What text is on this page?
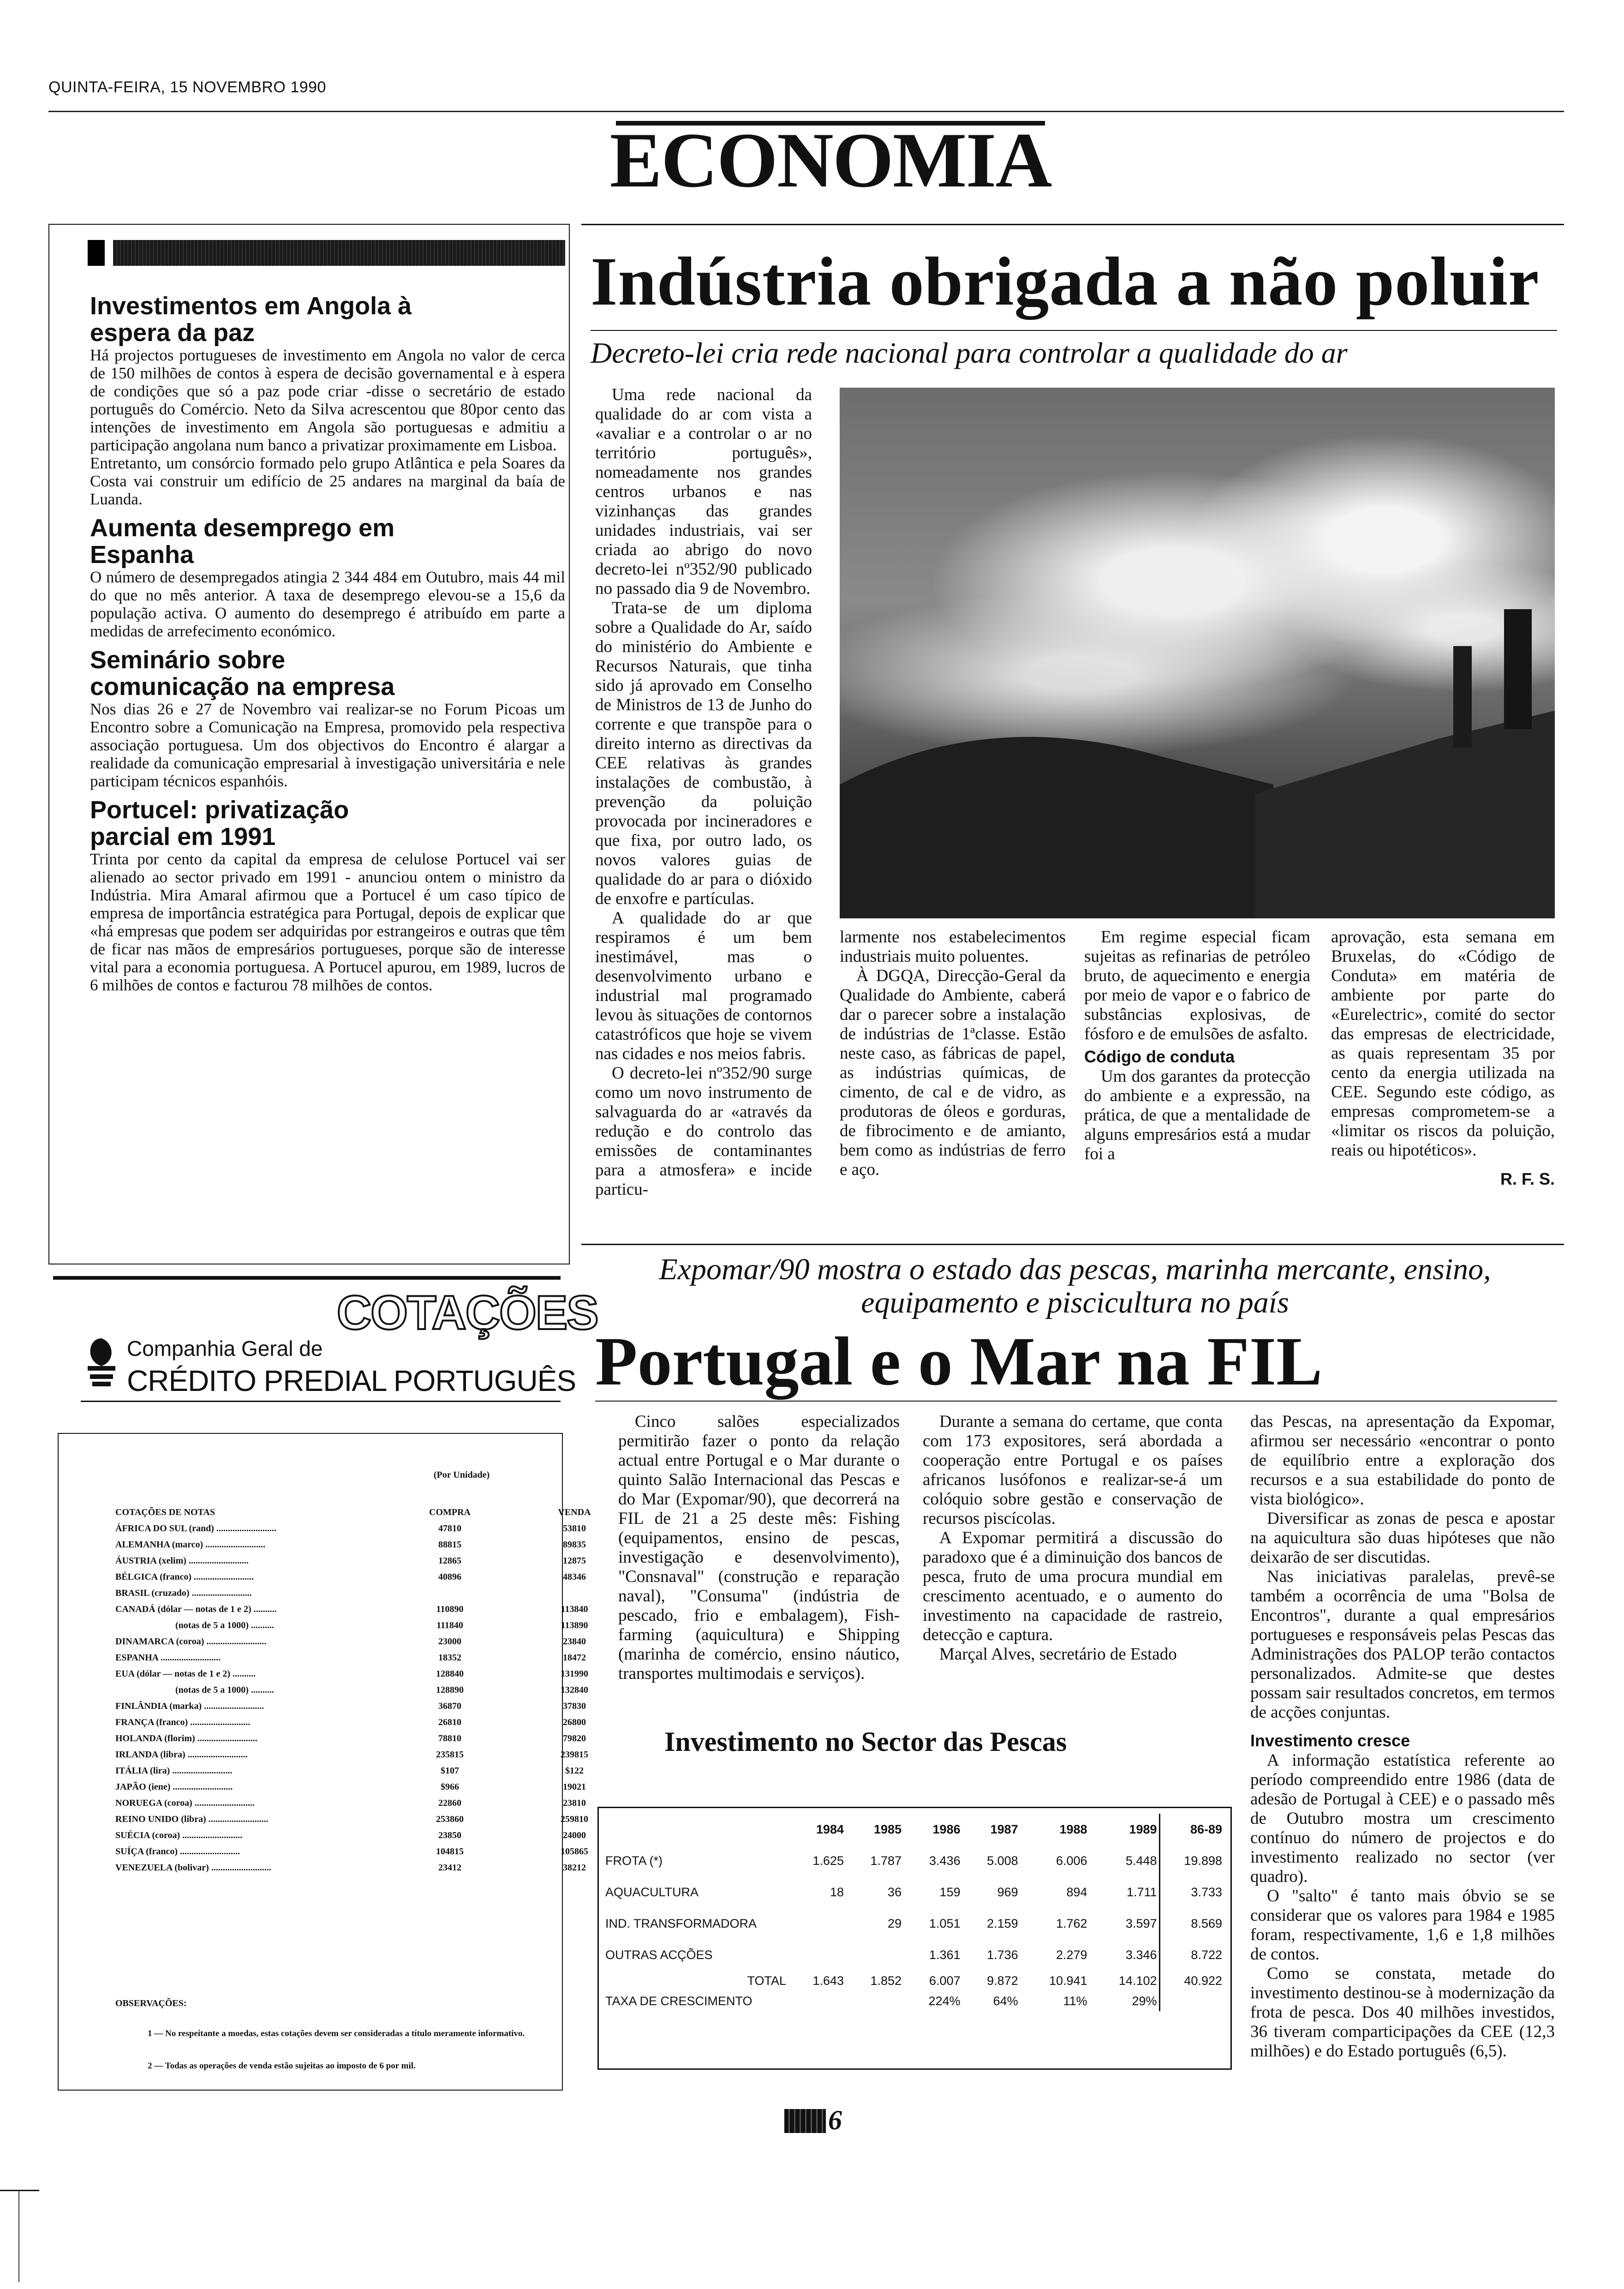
QUINTA-FEIRA, 15 NOVEMBRO 1990
ECONOMIA
Investimentos em Angola à espera da paz

Há projectos portugueses de investimento em Angola no valor de cerca de 150 milhões de contos à espera de decisão governamental e à espera de condições que só a paz pode criar -disse o secretário de estado português do Comércio. Neto da Silva acrescentou que 80por cento das intenções de investimento em Angola são portuguesas e admitiu a participação angolana num banco a privatizar proximamente em Lisboa.
Entretanto, um consórcio formado pelo grupo Atlântica e pela Soares da Costa vai construir um edifício de 25 andares na marginal da baía de Luanda.

Aumenta desemprego em Espanha

O número de desempregados atingia 2 344 484 em Outubro, mais 44 mil do que no mês anterior. A taxa de desemprego elevou-se a 15,6 da população activa. O aumento do desemprego é atribuído em parte a medidas de arrefecimento económico.

Seminário sobre comunicação na empresa

Nos dias 26 e 27 de Novembro vai realizar-se no Forum Picoas um Encontro sobre a Comunicação na Empresa, promovido pela respectiva associação portuguesa. Um dos objectivos do Encontro é alargar a realidade da comunicação empresarial à investigação universitária e nele participam técnicos espanhóis.

Portucel: privatização parcial em 1991

Trinta por cento da capital da empresa de celulose Portucel vai ser alienado ao sector privado em 1991 - anunciou ontem o ministro da Indústria. Mira Amaral afirmou que a Portucel é um caso típico de empresa de importância estratégica para Portugal, depois de explicar que «há empresas que podem ser adquiridas por estrangeiros e outras que têm de ficar nas mãos de empresários portugueses, porque são de interesse vital para a economia portuguesa. A Portucel apurou, em 1989, lucros de 6 milhões de contos e facturou 78 milhões de contos.

Indústria obrigada a não poluir
Decreto-lei cria rede nacional para controlar a qualidade do ar

Uma rede nacional da qualidade do ar com vista a «avaliar e a controlar o ar no território português», nomeadamente nos grandes centros urbanos e nas vizinhanças das grandes unidades industriais, vai ser criada ao abrigo do novo decreto-lei nº352/90 publicado no passado dia 9 de Novembro.

Trata-se de um diploma sobre a Qualidade do Ar, saído do ministério do Ambiente e Recursos Naturais, que tinha sido já aprovado em Conselho de Ministros de 13 de Junho do corrente e que transpõe para o direito interno as directivas da CEE relativas às grandes instalações de combustão, à prevenção da poluição provocada por incineradores e que fixa, por outro lado, os novos valores guias de qualidade do ar para o dióxido de enxofre e partículas.

A qualidade do ar que respiramos é um bem inestimável, mas o desenvolvimento urbano e industrial mal programado levou às situações de contornos catastróficos que hoje se vivem nas cidades e nos meios fabris.

O decreto-lei nº352/90 surge como um novo instrumento de salvaguarda do ar «através da redução e do controlo das emissões de contaminantes para a atmosfera» e incide particu-

larmente nos estabelecimentos industriais muito poluentes.

À DGQA, Direcção-Geral da Qualidade do Ambiente, caberá dar o parecer sobre a instalação de indústrias de 1ªclasse. Estão neste caso, as fábricas de papel, as indústrias químicas, de cimento, de cal e de vidro, as produtoras de óleos e gorduras, de fibrocimento e de amianto, bem como as indústrias de ferro e aço.

Em regime especial ficam sujeitas as refinarias de petróleo bruto, de aquecimento e energia por meio de vapor e o fabrico de substâncias explosivas, de fósforo e de emulsões de asfalto.

Código de conduta

Um dos garantes da protecção do ambiente e a expressão, na prática, de que a mentalidade de alguns empresários está a mudar foi a

aprovação, esta semana em Bruxelas, do «Código de Conduta» em matéria de ambiente por parte do «Eurelectric», comité do sector das empresas de electricidade, as quais representam 35 por cento da energia utilizada na CEE. Segundo este código, as empresas comprometem-se a «limitar os riscos da poluição, reais ou hipotéticos».

R. F. S.
COTAÇÕES
Companhia Geral de
CRÉDITO PREDIAL PORTUGUÊS
(Por Unidade)
COTAÇÕES DE NOTAS	COMPRA	VENDA
ÁFRICA DO SUL (rand) ..........................	47810	53810
ALEMANHA (marco) ..........................	88815	89835
ÁUSTRIA (xelim) ..........................	12865	12875
BÉLGICA (franco) ..........................	40896	48346
BRASIL (cruzado) ..........................
CANADÁ (dólar — notas de 1 e 2) ..........	110890	113840
(notas de 5 a 1000) ..........	111840	113890
DINAMARCA (coroa) ..........................	23000	23840
ESPANHA ..........................	18352	18472
EUA (dólar — notas de 1 e 2) ..........	128840	131990
(notas de 5 a 1000) ..........	128890	132840
FINLÂNDIA (marka) ..........................	36870	37830
FRANÇA (franco) ..........................	26810	26800
HOLANDA (florim) ..........................	78810	79820
IRLANDA (libra) ..........................	235815	239815
ITÁLIA (lira) ..........................	$107	$122
JAPÃO (iene) ..........................	$966	19021
NORUEGA (coroa) ..........................	22860	23810
REINO UNIDO (libra) ..........................	253860	259810
SUÉCIA (coroa) ..........................	23850	24000
SUÍÇA (franco) ..........................	104815	105865
VENEZUELA (bolivar) ..........................	23412	38212
OBSERVAÇÕES:
1 — No respeitante a moedas, estas cotações devem ser consideradas a título meramente informativo.
2 — Todas as operações de venda estão sujeitas ao imposto de 6 por mil.
Expomar/90 mostra o estado das pescas, marinha mercante, ensino, equipamento e piscicultura no país
Portugal e o Mar na FIL

Cinco salões especializados permitirão fazer o ponto da relação actual entre Portugal e o Mar durante o quinto Salão Internacional das Pescas e do Mar (Expomar/90), que decorrerá na FIL de 21 a 25 deste mês: Fishing (equipamentos, ensino de pescas, investigação e desenvolvimento), "Consnaval" (construção e reparação naval), "Consuma" (indústria de pescado, frio e embalagem), Fish-farming (aquicultura) e Shipping (marinha de comércio, ensino náutico, transportes multimodais e serviços).

Durante a semana do certame, que conta com 173 expositores, será abordada a cooperação entre Portugal e os países africanos lusófonos e realizar-se-á um colóquio sobre gestão e conservação de recursos piscícolas.

A Expomar permitirá a discussão do paradoxo que é a diminuição dos bancos de pesca, fruto de uma procura mundial em crescimento acentuado, e o aumento do investimento na capacidade de rastreio, detecção e captura.

Marçal Alves, secretário de Estado

das Pescas, na apresentação da Expomar, afirmou ser necessário «encontrar o ponto de equilíbrio entre a exploração dos recursos e a sua estabilidade do ponto de vista biológico».

Diversificar as zonas de pesca e apostar na aquicultura são duas hipóteses que não deixarão de ser discutidas.

Nas iniciativas paralelas, prevê-se também a ocorrência de uma "Bolsa de Encontros", durante a qual empresários portugueses e responsáveis pelas Pescas das Administrações dos PALOP terão contactos personalizados. Admite-se que destes possam sair resultados concretos, em termos de acções conjuntas.

Investimento cresce

A informação estatística referente ao período compreendido entre 1986 (data de adesão de Portugal à CEE) e o passado mês de Outubro mostra um crescimento contínuo do número de projectos e do investimento realizado no sector (ver quadro).

O "salto" é tanto mais óbvio se se considerar que os valores para 1984 e 1985 foram, respectivamente, 1,6 e 1,8 milhões de contos.

Como se constata, metade do investimento destinou-se à modernização da frota de pesca. Dos 40 milhões investidos, 36 tiveram comparticipações da CEE (12,3 milhões) e do Estado português (6,5).

Investimento no Sector das Pescas
	1984	1985	1986	1987	1988	1989	86-89
FROTA (*)	1.625	1.787	3.436	5.008	6.006	5.448	19.898
AQUACULTURA	18	36	159	969	894	1.711	3.733
IND. TRANSFORMADORA		29	1.051	2.159	1.762	3.597	8.569
OUTRAS ACÇÕES			1.361	1.736	2.279	3.346	8.722
TOTAL	1.643	1.852	6.007	9.872	10.941	14.102	40.922
TAXA DE CRESCIMENTO			224%	64%	11%	29%	
6
